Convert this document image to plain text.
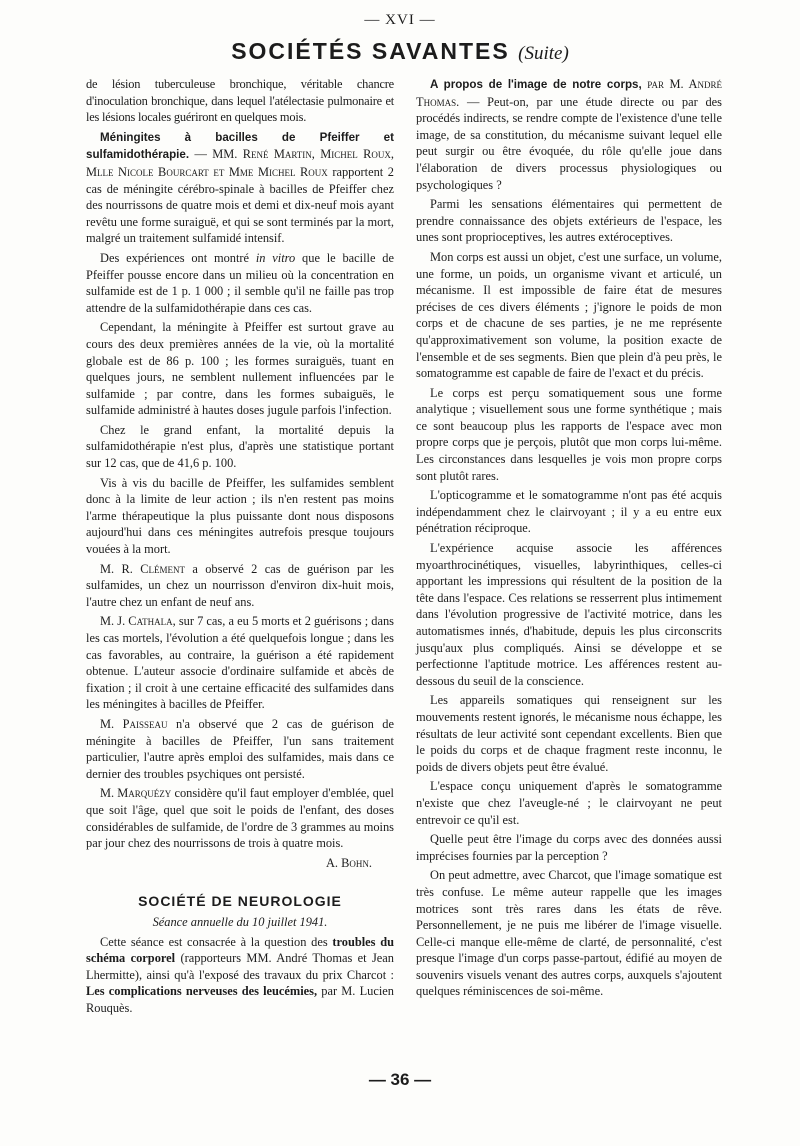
— XVI —
SOCIÉTÉS SAVANTES (Suite)

de lésion tuberculeuse bronchique, véritable chancre d'inoculation bronchique, dans lequel l'atélectasie pulmonaire et les lésions locales guériront en quelques mois.

Méningites à bacilles de Pfeiffer et sulfamidothérapie. — MM. René Martin, Michel Roux, Mlle Nicole Bourcart et Mme Michel Roux rapportent 2 cas de méningite cérébro-spinale à bacilles de Pfeiffer chez des nourrissons de quatre mois et demi et dix-neuf mois ayant revêtu une forme suraiguë, et qui se sont terminés par la mort, malgré un traitement sulfamidé intensif.

Des expériences ont montré in vitro que le bacille de Pfeiffer pousse encore dans un milieu où la concentration en sulfamide est de 1 p. 1 000 ; il semble qu'il ne faille pas trop attendre de la sulfamidothérapie dans ces cas.

Cependant, la méningite à Pfeiffer est surtout grave au cours des deux premières années de la vie, où la mortalité globale est de 86 p. 100 ; les formes suraiguës, tuant en quelques jours, ne semblent nullement influencées par le sulfamide ; par contre, dans les formes subaiguës, le sulfamide administré à hautes doses jugule parfois l'infection.

Chez le grand enfant, la mortalité depuis la sulfamidothérapie n'est plus, d'après une statistique portant sur 12 cas, que de 41,6 p. 100.

Vis à vis du bacille de Pfeiffer, les sulfamides semblent donc à la limite de leur action ; ils n'en restent pas moins l'arme thérapeutique la plus puissante dont nous disposons aujourd'hui dans ces méningites autrefois presque toujours vouées à la mort.

M. R. Clément a observé 2 cas de guérison par les sulfamides, un chez un nourrisson d'environ dix-huit mois, l'autre chez un enfant de neuf ans.

M. J. Cathala, sur 7 cas, a eu 5 morts et 2 guérisons ; dans les cas mortels, l'évolution a été quelquefois longue ; dans les cas favorables, au contraire, la guérison a été rapidement obtenue. L'auteur associe d'ordinaire sulfamide et abcès de fixation ; il croit à une certaine efficacité des sulfamides dans les méningites à bacilles de Pfeiffer.

M. Paisseau n'a observé que 2 cas de guérison de méningite à bacilles de Pfeiffer, l'un sans traitement particulier, l'autre après emploi des sulfamides, mais dans ce dernier des troubles psychiques ont persisté.

M. Marquézy considère qu'il faut employer d'emblée, quel que soit l'âge, quel que soit le poids de l'enfant, des doses considérables de sulfamide, de l'ordre de 3 grammes au moins par jour chez des nourrissons de trois à quatre mois.

A. Bohn.

SOCIÉTÉ DE NEUROLOGIE

Séance annuelle du 10 juillet 1941.

Cette séance est consacrée à la question des troubles du schéma corporel (rapporteurs MM. André Thomas et Jean Lhermitte), ainsi qu'à l'exposé des travaux du prix Charcot : Les complications nerveuses des leucémies, par M. Lucien Rouquès.

A propos de l'image de notre corps, par M. André Thomas. — Peut-on, par une étude directe ou par des procédés indirects, se rendre compte de l'existence d'une telle image, de sa constitution, du mécanisme suivant lequel elle peut surgir ou être évoquée, du rôle qu'elle joue dans l'élaboration de divers processus physiologiques ou psychologiques ?

Parmi les sensations élémentaires qui permettent de prendre connaissance des objets extérieurs de l'espace, les unes sont proprioceptives, les autres extéroceptives.

Mon corps est aussi un objet, c'est une surface, un volume, une forme, un poids, un organisme vivant et articulé, un mécanisme. Il est impossible de faire état de mesures précises de ces divers éléments ; j'ignore le poids de mon corps et de chacune de ses parties, je ne me représente qu'approximativement son volume, la position exacte de l'ensemble et de ses segments. Bien que plein d'à peu près, le somatogramme est capable de faire de l'exact et du précis.

Le corps est perçu somatiquement sous une forme analytique ; visuellement sous une forme synthétique ; mais ce sont beaucoup plus les rapports de l'espace avec mon propre corps que je perçois, plutôt que mon corps lui-même. Les circonstances dans lesquelles je vois mon propre corps sont plutôt rares.

L'opticogramme et le somatogramme n'ont pas été acquis indépendamment chez le clairvoyant ; il y a eu entre eux pénétration réciproque.

L'expérience acquise associe les afférences myoarthrocinétiques, visuelles, labyrinthiques, celles-ci apportant les impressions qui résultent de la position de la tête dans l'espace. Ces relations se resserrent plus intimement dans l'évolution progressive de l'activité motrice, dans les automatismes innés, d'habitude, depuis les plus circonscrits jusqu'aux plus compliqués. Ainsi se développe et se perfectionne l'aptitude motrice. Les afférences restent au-dessous du seuil de la conscience.

Les appareils somatiques qui renseignent sur les mouvements restent ignorés, le mécanisme nous échappe, les résultats de leur activité sont cependant excellents. Bien que le poids du corps et de chaque fragment reste inconnu, le poids de divers objets peut être évalué.

L'espace conçu uniquement d'après le somatogramme n'existe que chez l'aveugle-né ; le clairvoyant ne peut entrevoir ce qu'il est.

Quelle peut être l'image du corps avec des données aussi imprécises fournies par la perception ?

On peut admettre, avec Charcot, que l'image somatique est très confuse. Le même auteur rappelle que les images motrices sont très rares dans les états de rêve. Personnellement, je ne puis me libérer de l'image visuelle. Celle-ci manque elle-même de clarté, de personnalité, c'est presque l'image d'un corps passe-partout, édifié au moyen de souvenirs visuels venant des autres corps, auxquels s'ajoutent quelques réminiscences de soi-même.

— 36 —
